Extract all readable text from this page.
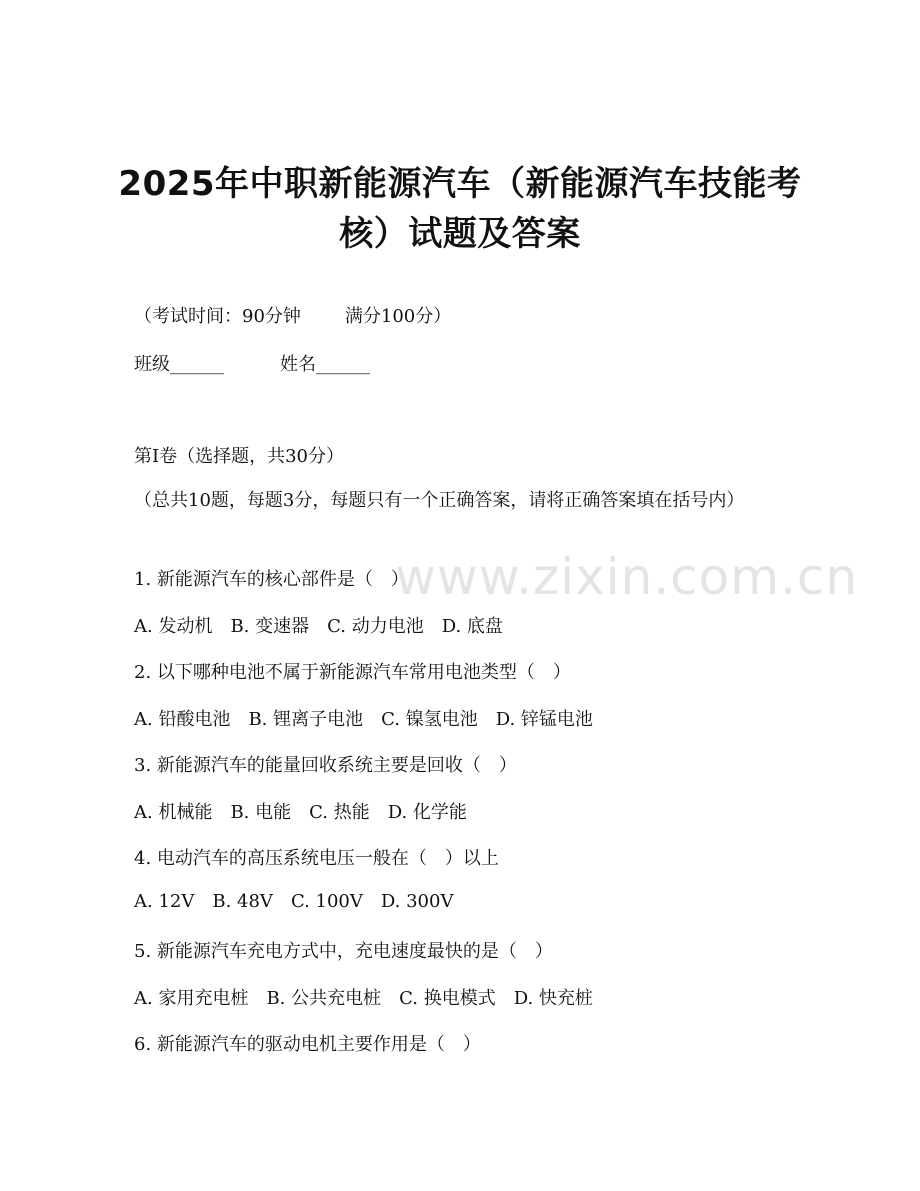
www.zixin.com.cn
2025年中职新能源汽车（新能源汽车技能考
核）试题及答案
（考试时间：90分钟 满分100分）
班级______	姓名______
第I卷（选择题，共30分）
（总共10题，每题3分，每题只有一个正确答案，请将正确答案填在括号内）
1. 新能源汽车的核心部件是（　）
A. 发动机 B. 变速器 C. 动力电池 D. 底盘
2. 以下哪种电池不属于新能源汽车常用电池类型（　）
A. 铅酸电池 B. 锂离子电池 C. 镍氢电池 D. 锌锰电池
3. 新能源汽车的能量回收系统主要是回收（　）
A. 机械能 B. 电能 C. 热能 D. 化学能
4. 电动汽车的高压系统电压一般在（　）以上
A. 12V B. 48V C. 100V D. 300V
5. 新能源汽车充电方式中，充电速度最快的是（　）
A. 家用充电桩 B. 公共充电桩 C. 换电模式 D. 快充桩
6. 新能源汽车的驱动电机主要作用是（　）
